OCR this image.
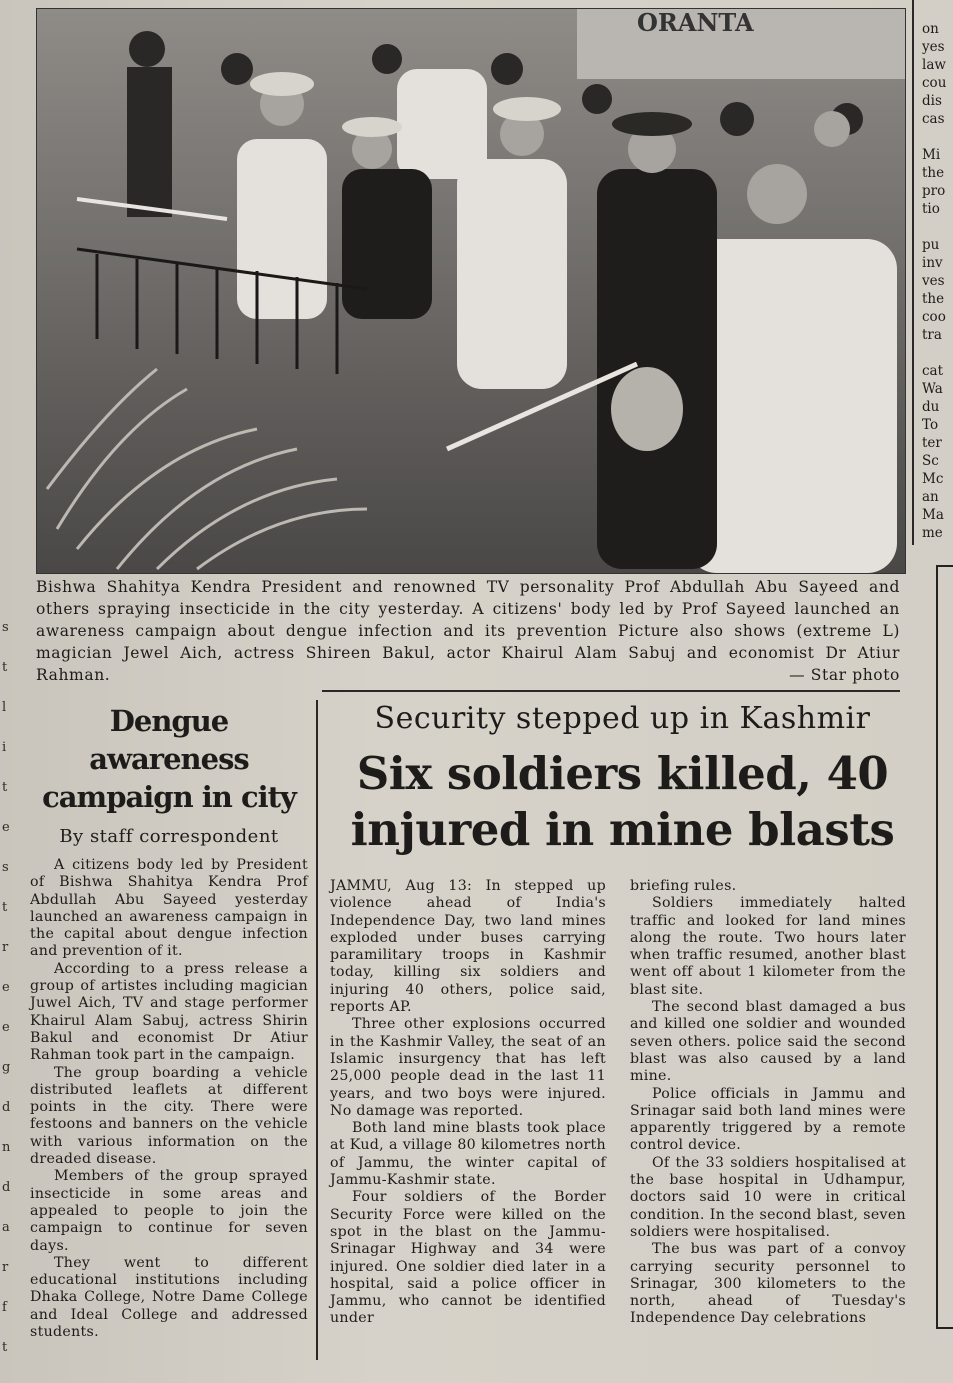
s
t
l
i
t
e
s
t
r
e
e
g
d
n
d
a
r
f
t
ORANTA
Bishwa Shahitya Kendra President and renowned TV personality Prof Abdullah Abu Sayeed and others spraying insecticide in the city yesterday. A citizens' body led by Prof Sayeed launched an awareness campaign about dengue infection and its prevention Picture also shows (extreme L) magician Jewel Aich, actress Shireen Bakul, actor Khairul Alam Sabuj and economist Dr Atiur Rahman.	— Star photo
on
yes
law
cou
dis
cas

Mi
the
pro
tio

pu
inv
ves
the
coo
tra

cat
Wa
du
To
ter
Sc
Mc
an
Ma
me
Dengue awareness campaign in city
By staff correspondent

A citizens body led by President of Bishwa Shahitya Kendra Prof Abdullah Abu Sayeed yesterday launched an awareness campaign in the capital about dengue infection and prevention of it.

According to a press release a group of artistes including magician Juwel Aich, TV and stage performer Khairul Alam Sabuj, actress Shirin Bakul and economist Dr Atiur Rahman took part in the campaign.

The group boarding a vehicle distributed leaflets at different points in the city. There were festoons and banners on the vehicle with various information on the dreaded disease.

Members of the group sprayed insecticide in some areas and appealed to people to join the campaign to continue for seven days.

They went to different educational institutions including Dhaka College, Notre Dame College and Ideal College and addressed students.

Security stepped up in Kashmir
Six soldiers killed, 40 injured in mine blasts

JAMMU, Aug 13: In stepped up violence ahead of India's Independence Day, two land mines exploded under buses carrying paramilitary troops in Kashmir today, killing six soldiers and injuring 40 others, police said, reports AP.

Three other explosions occurred in the Kashmir Valley, the seat of an Islamic insurgency that has left 25,000 people dead in the last 11 years, and two boys were injured. No damage was reported.

Both land mine blasts took place at Kud, a village 80 kilometres north of Jammu, the winter capital of Jammu-Kashmir state.

Four soldiers of the Border Security Force were killed on the spot in the blast on the Jammu-Srinagar Highway and 34 were injured. One soldier died later in a hospital, said a police officer in Jammu, who cannot be identified under

briefing rules.

Soldiers immediately halted traffic and looked for land mines along the route. Two hours later when traffic resumed, another blast went off about 1 kilometer from the blast site.

The second blast damaged a bus and killed one soldier and wounded seven others. police said the second blast was also caused by a land mine.

Police officials in Jammu and Srinagar said both land mines were apparently triggered by a remote control device.

Of the 33 soldiers hospitalised at the base hospital in Udhampur, doctors said 10 were in critical condition. In the second blast, seven soldiers were hospitalised.

The bus was part of a convoy carrying security personnel to Srinagar, 300 kilometers to the north, ahead of Tuesday's Independence Day celebrations
